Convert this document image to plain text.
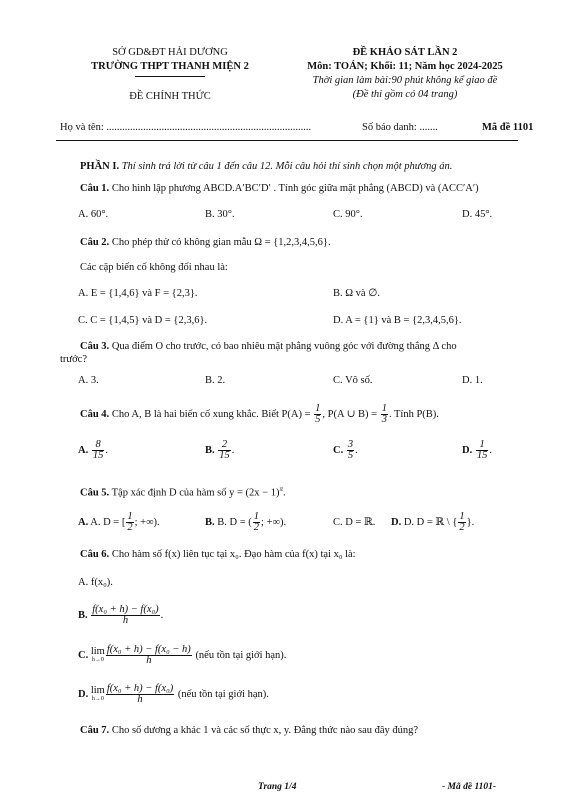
SỞ GD&ĐT HẢI DƯƠNG
TRƯỜNG THPT THANH MIỆN 2
ĐỀ CHÍNH THỨC
ĐỀ KHẢO SÁT LẦN 2
Môn: TOÁN; Khối: 11; Năm học 2024-2025
Thời gian làm bài:90 phút không kể giao đề
(Đề thi gồm có 04 trang)
Họ và tên: ..............................................................................	Số báo danh: .......	Mã đề 1101
PHẦN I. Thí sinh trả lời từ câu 1 đến câu 12. Mỗi câu hỏi thí sinh chọn một phương án.
Câu 1. Cho hình lập phương ABCD.A′BC′D′ . Tính góc giữa mặt phẳng (ABCD) và (ACC′A′)
A. 60°.	B. 30°.	C. 90°.	D. 45°.
Câu 2. Cho phép thử có không gian mẫu Ω = {1,2,3,4,5,6}.
Các cặp biến cố không đối nhau là:
A. E = {1,4,6} và F = {2,3}.	B. Ω và ∅.
C. C = {1,4,5} và D = {2,3,6}.	D. A = {1} và B = {2,3,4,5,6}.
Câu 3. Qua điểm O cho trước, có bao nhiêu mặt phẳng vuông góc với đường thẳng Δ cho
trước?
A. 3.	B. 2.	C. Vô số.	D. 1.
Câu 4. Cho A, B là hai biến cố xung khắc. Biết $P(A) = \frac{1}{5}$ , P(A ∪ $B) = \frac{1}{3}$ . Tính P(B).
A. $\frac{8}{15}$ .	B. $\frac{2}{15}$ .	C. $\frac{3}{5}$ .	D. $\frac{1}{15}$ .
Câu 5. Tập xác định D của hàm số $y = (2x - 1)^\pi$.
A. A. D = [ $\frac{1}{2}$ ; +∞).	B. B. D = ( $\frac{1}{2}$ ; +∞).	C. D = ℝ. D. D. D = ℝ \ { $\frac{1}{2}$ }.
Câu 6. Cho hàm số f(x) liên tục tại x₀. Đạo hàm của f(x) tại x₀ là:
A. f(x₀).
B. $\frac{\text{f(x₀ + h) − f(x₀)}}{h}$ .
C. lim
$h\to 0 \frac{\text{f(x₀ + h) − f(x₀ − h)}}{h}$ (nếu tồn tại giới hạn).
D. lim
$h\to 0 \frac{\text{f(x₀ + h) − f(x₀)}}{h}$ (nếu tồn tại giới hạn).
Câu 7. Cho số dương a khác 1 và các số thực x, y. Đẳng thức nào sau đây đúng?
Trang 1/4	- Mã đề 1101-
